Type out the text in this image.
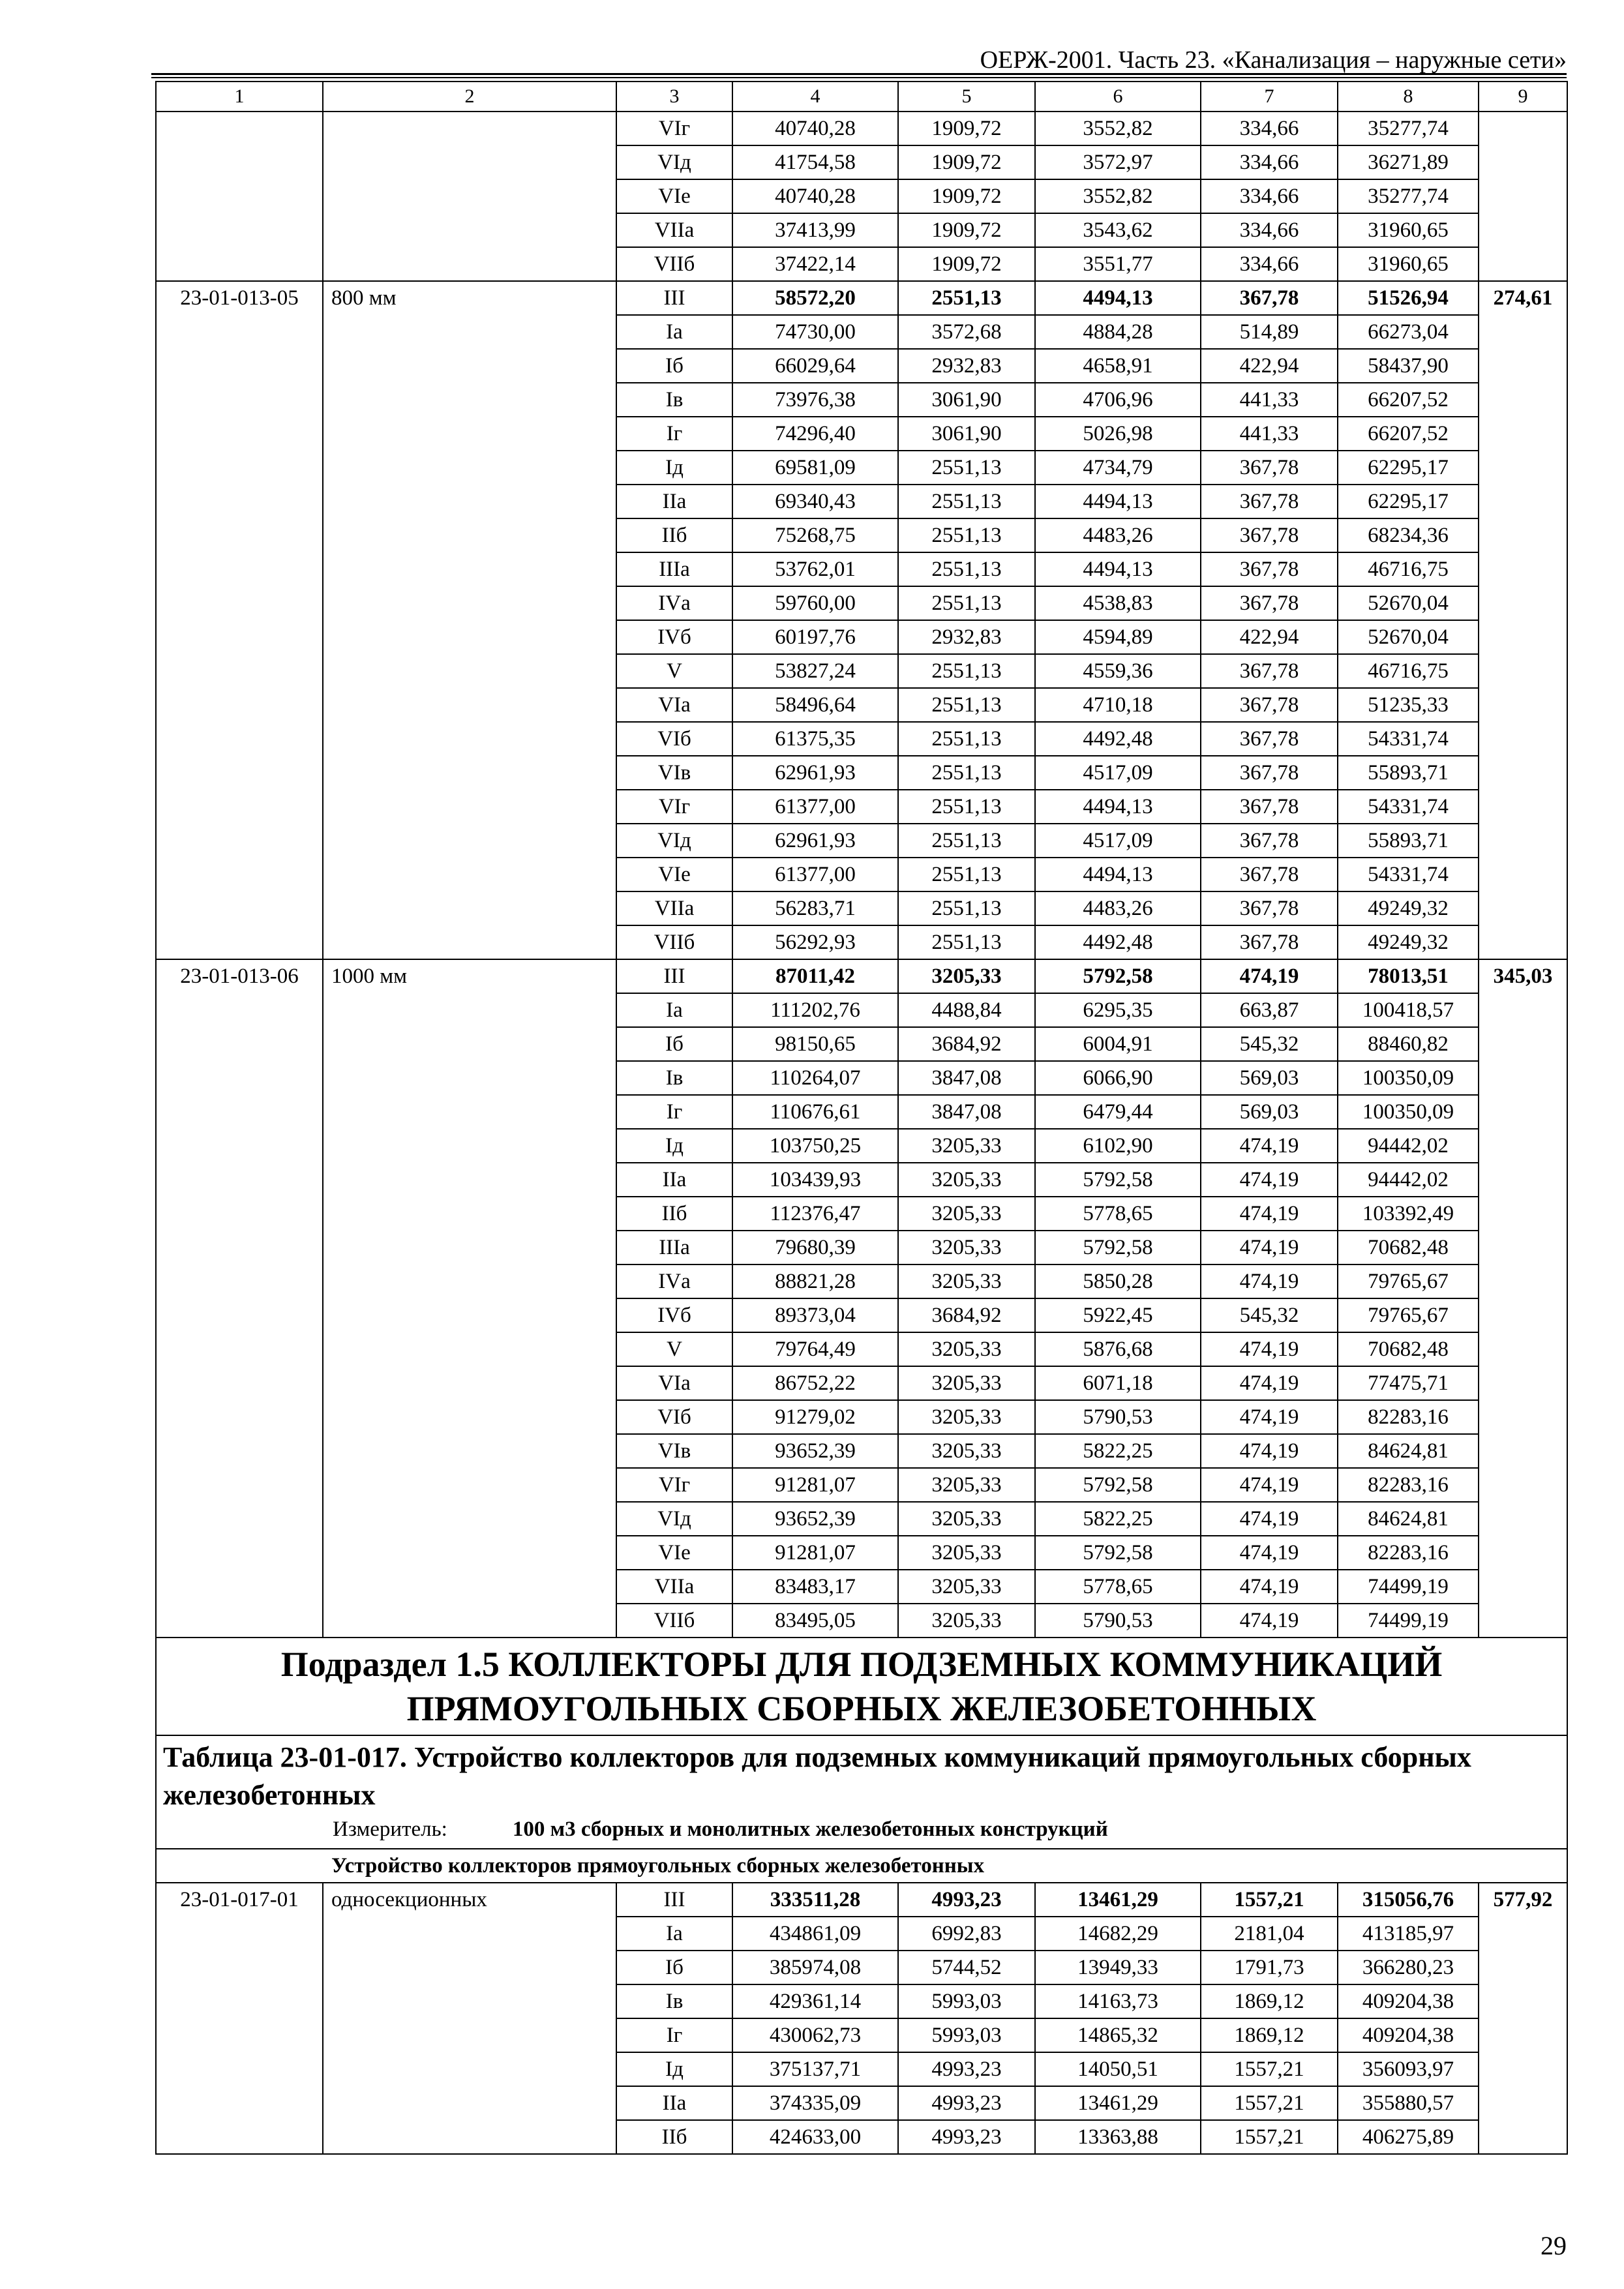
ОЕРЖ-2001. Часть 23. «Канализация – наружные сети»
1	2	3	4	5	6	7	8	9
		VIг	40740,28	1909,72	3552,82	334,66	35277,74	
		VIд	41754,58	1909,72	3572,97	334,66	36271,89	
		VIе	40740,28	1909,72	3552,82	334,66	35277,74	
		VIIа	37413,99	1909,72	3543,62	334,66	31960,65	
		VIIб	37422,14	1909,72	3551,77	334,66	31960,65	
23-01-013-05	800 мм	III	58572,20	2551,13	4494,13	367,78	51526,94	274,61
		Iа	74730,00	3572,68	4884,28	514,89	66273,04	
		Iб	66029,64	2932,83	4658,91	422,94	58437,90	
		Iв	73976,38	3061,90	4706,96	441,33	66207,52	
		Iг	74296,40	3061,90	5026,98	441,33	66207,52	
		Iд	69581,09	2551,13	4734,79	367,78	62295,17	
		IIа	69340,43	2551,13	4494,13	367,78	62295,17	
		IIб	75268,75	2551,13	4483,26	367,78	68234,36	
		IIIа	53762,01	2551,13	4494,13	367,78	46716,75	
		IVа	59760,00	2551,13	4538,83	367,78	52670,04	
		IVб	60197,76	2932,83	4594,89	422,94	52670,04	
		V	53827,24	2551,13	4559,36	367,78	46716,75	
		VIа	58496,64	2551,13	4710,18	367,78	51235,33	
		VIб	61375,35	2551,13	4492,48	367,78	54331,74	
		VIв	62961,93	2551,13	4517,09	367,78	55893,71	
		VIг	61377,00	2551,13	4494,13	367,78	54331,74	
		VIд	62961,93	2551,13	4517,09	367,78	55893,71	
		VIе	61377,00	2551,13	4494,13	367,78	54331,74	
		VIIа	56283,71	2551,13	4483,26	367,78	49249,32	
		VIIб	56292,93	2551,13	4492,48	367,78	49249,32	
23-01-013-06	1000 мм	III	87011,42	3205,33	5792,58	474,19	78013,51	345,03
		Iа	111202,76	4488,84	6295,35	663,87	100418,57	
		Iб	98150,65	3684,92	6004,91	545,32	88460,82	
		Iв	110264,07	3847,08	6066,90	569,03	100350,09	
		Iг	110676,61	3847,08	6479,44	569,03	100350,09	
		Iд	103750,25	3205,33	6102,90	474,19	94442,02	
		IIа	103439,93	3205,33	5792,58	474,19	94442,02	
		IIб	112376,47	3205,33	5778,65	474,19	103392,49	
		IIIа	79680,39	3205,33	5792,58	474,19	70682,48	
		IVа	88821,28	3205,33	5850,28	474,19	79765,67	
		IVб	89373,04	3684,92	5922,45	545,32	79765,67	
		V	79764,49	3205,33	5876,68	474,19	70682,48	
		VIа	86752,22	3205,33	6071,18	474,19	77475,71	
		VIб	91279,02	3205,33	5790,53	474,19	82283,16	
		VIв	93652,39	3205,33	5822,25	474,19	84624,81	
		VIг	91281,07	3205,33	5792,58	474,19	82283,16	
		VIд	93652,39	3205,33	5822,25	474,19	84624,81	
		VIе	91281,07	3205,33	5792,58	474,19	82283,16	
		VIIа	83483,17	3205,33	5778,65	474,19	74499,19	
		VIIб	83495,05	3205,33	5790,53	474,19	74499,19	

Подраздел 1.5 КОЛЛЕКТОРЫ ДЛЯ ПОДЗЕМНЫХ КОММУНИКАЦИЙ
ПРЯМОУГОЛЬНЫХ СБОРНЫХ ЖЕЛЕЗОБЕТОННЫХ								

Таблица 23-01-017. Устройство коллекторов для подземных коммуникаций прямоугольных сборных железобетонных
Измеритель: 100 м3 сборных и монолитных железобетонных конструкций								

Устройство коллекторов прямоугольных сборных железобетонных								
23-01-017-01	односекционных	III	333511,28	4993,23	13461,29	1557,21	315056,76	577,92
		Iа	434861,09	6992,83	14682,29	2181,04	413185,97	
		Iб	385974,08	5744,52	13949,33	1791,73	366280,23	
		Iв	429361,14	5993,03	14163,73	1869,12	409204,38	
		Iг	430062,73	5993,03	14865,32	1869,12	409204,38	
		Iд	375137,71	4993,23	14050,51	1557,21	356093,97	
		IIа	374335,09	4993,23	13461,29	1557,21	355880,57	
		IIб	424633,00	4993,23	13363,88	1557,21	406275,89	
29
